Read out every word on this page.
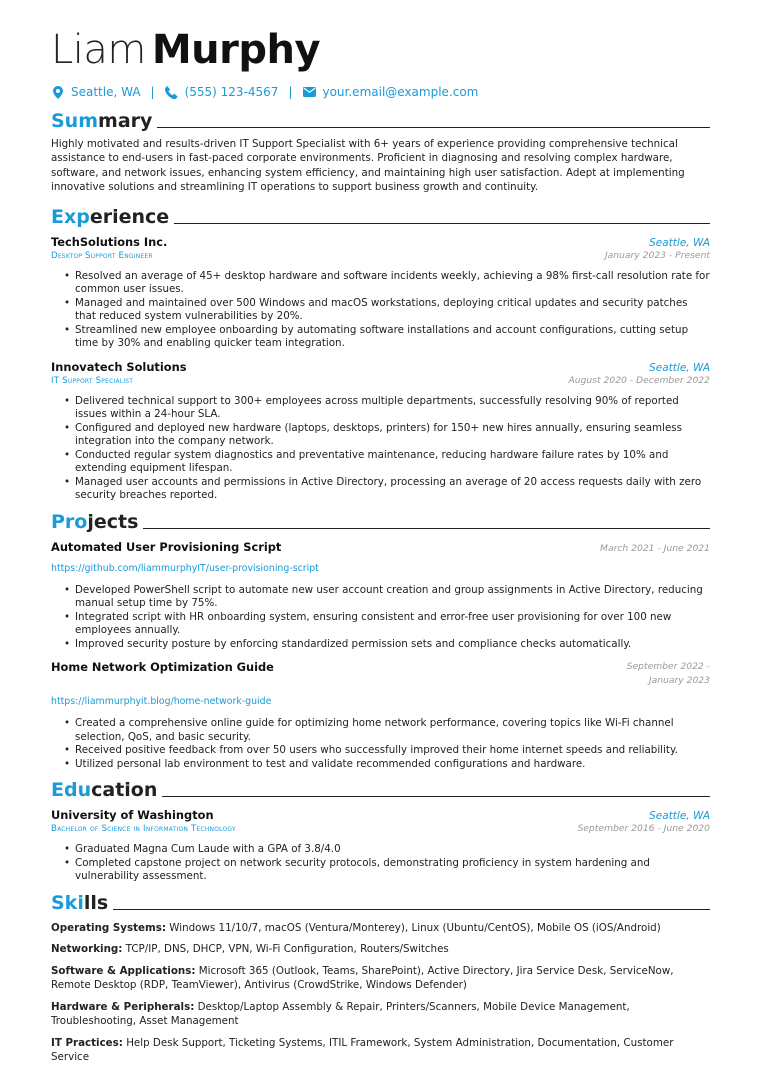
Liam Murphy
Seattle, WA |	(555) 123-4567 |	your.email@example.com
Summary
Highly motivated and results-driven IT Support Specialist with 6+ years of experience providing comprehensive technical assistance to end-users in fast-paced corporate environments. Proficient in diagnosing and resolving complex hardware, software, and network issues, enhancing system efficiency, and maintaining high user satisfaction. Adept at implementing innovative solutions and streamlining IT operations to support business growth and continuity.
Experience
TechSolutions Inc.	Seattle, WA
Desktop Support Engineer	January 2023 - Present
• Resolved an average of 45+ desktop hardware and software incidents weekly, achieving a 98% first-call resolution rate for common user issues.
• Managed and maintained over 500 Windows and macOS workstations, deploying critical updates and security patches that reduced system vulnerabilities by 20%.
• Streamlined new employee onboarding by automating software installations and account configurations, cutting setup time by 30% and enabling quicker team integration.
Innovatech Solutions	Seattle, WA
IT Support Specialist	August 2020 - December 2022
• Delivered technical support to 300+ employees across multiple departments, successfully resolving 90% of reported issues within a 24-hour SLA.
• Configured and deployed new hardware (laptops, desktops, printers) for 150+ new hires annually, ensuring seamless integration into the company network.
• Conducted regular system diagnostics and preventative maintenance, reducing hardware failure rates by 10% and extending equipment lifespan.
• Managed user accounts and permissions in Active Directory, processing an average of 20 access requests daily with zero security breaches reported.
Projects
Automated User Provisioning Script	March 2021 - June 2021
https://github.com/liammurphyIT/user-provisioning-script
• Developed PowerShell script to automate new user account creation and group assignments in Active Directory, reducing manual setup time by 75%.
• Integrated script with HR onboarding system, ensuring consistent and error-free user provisioning for over 100 new employees annually.
• Improved security posture by enforcing standardized permission sets and compliance checks automatically.
Home Network Optimization Guide	September 2022 - January 2023
https://liammurphyit.blog/home-network-guide
• Created a comprehensive online guide for optimizing home network performance, covering topics like Wi-Fi channel selection, QoS, and basic security.
• Received positive feedback from over 50 users who successfully improved their home internet speeds and reliability.
• Utilized personal lab environment to test and validate recommended configurations and hardware.
Education
University of Washington	Seattle, WA
Bachelor of Science in Information Technology	September 2016 - June 2020
• Graduated Magna Cum Laude with a GPA of 3.8/4.0
• Completed capstone project on network security protocols, demonstrating proficiency in system hardening and vulnerability assessment.
Skills
Operating Systems: Windows 11/10/7, macOS (Ventura/Monterey), Linux (Ubuntu/CentOS), Mobile OS (iOS/Android)
Networking: TCP/IP, DNS, DHCP, VPN, Wi-Fi Configuration, Routers/Switches
Software & Applications: Microsoft 365 (Outlook, Teams, SharePoint), Active Directory, Jira Service Desk, ServiceNow, Remote Desktop (RDP, TeamViewer), Antivirus (CrowdStrike, Windows Defender)
Hardware & Peripherals: Desktop/Laptop Assembly & Repair, Printers/Scanners, Mobile Device Management, Troubleshooting, Asset Management
IT Practices: Help Desk Support, Ticketing Systems, ITIL Framework, System Administration, Documentation, Customer Service
